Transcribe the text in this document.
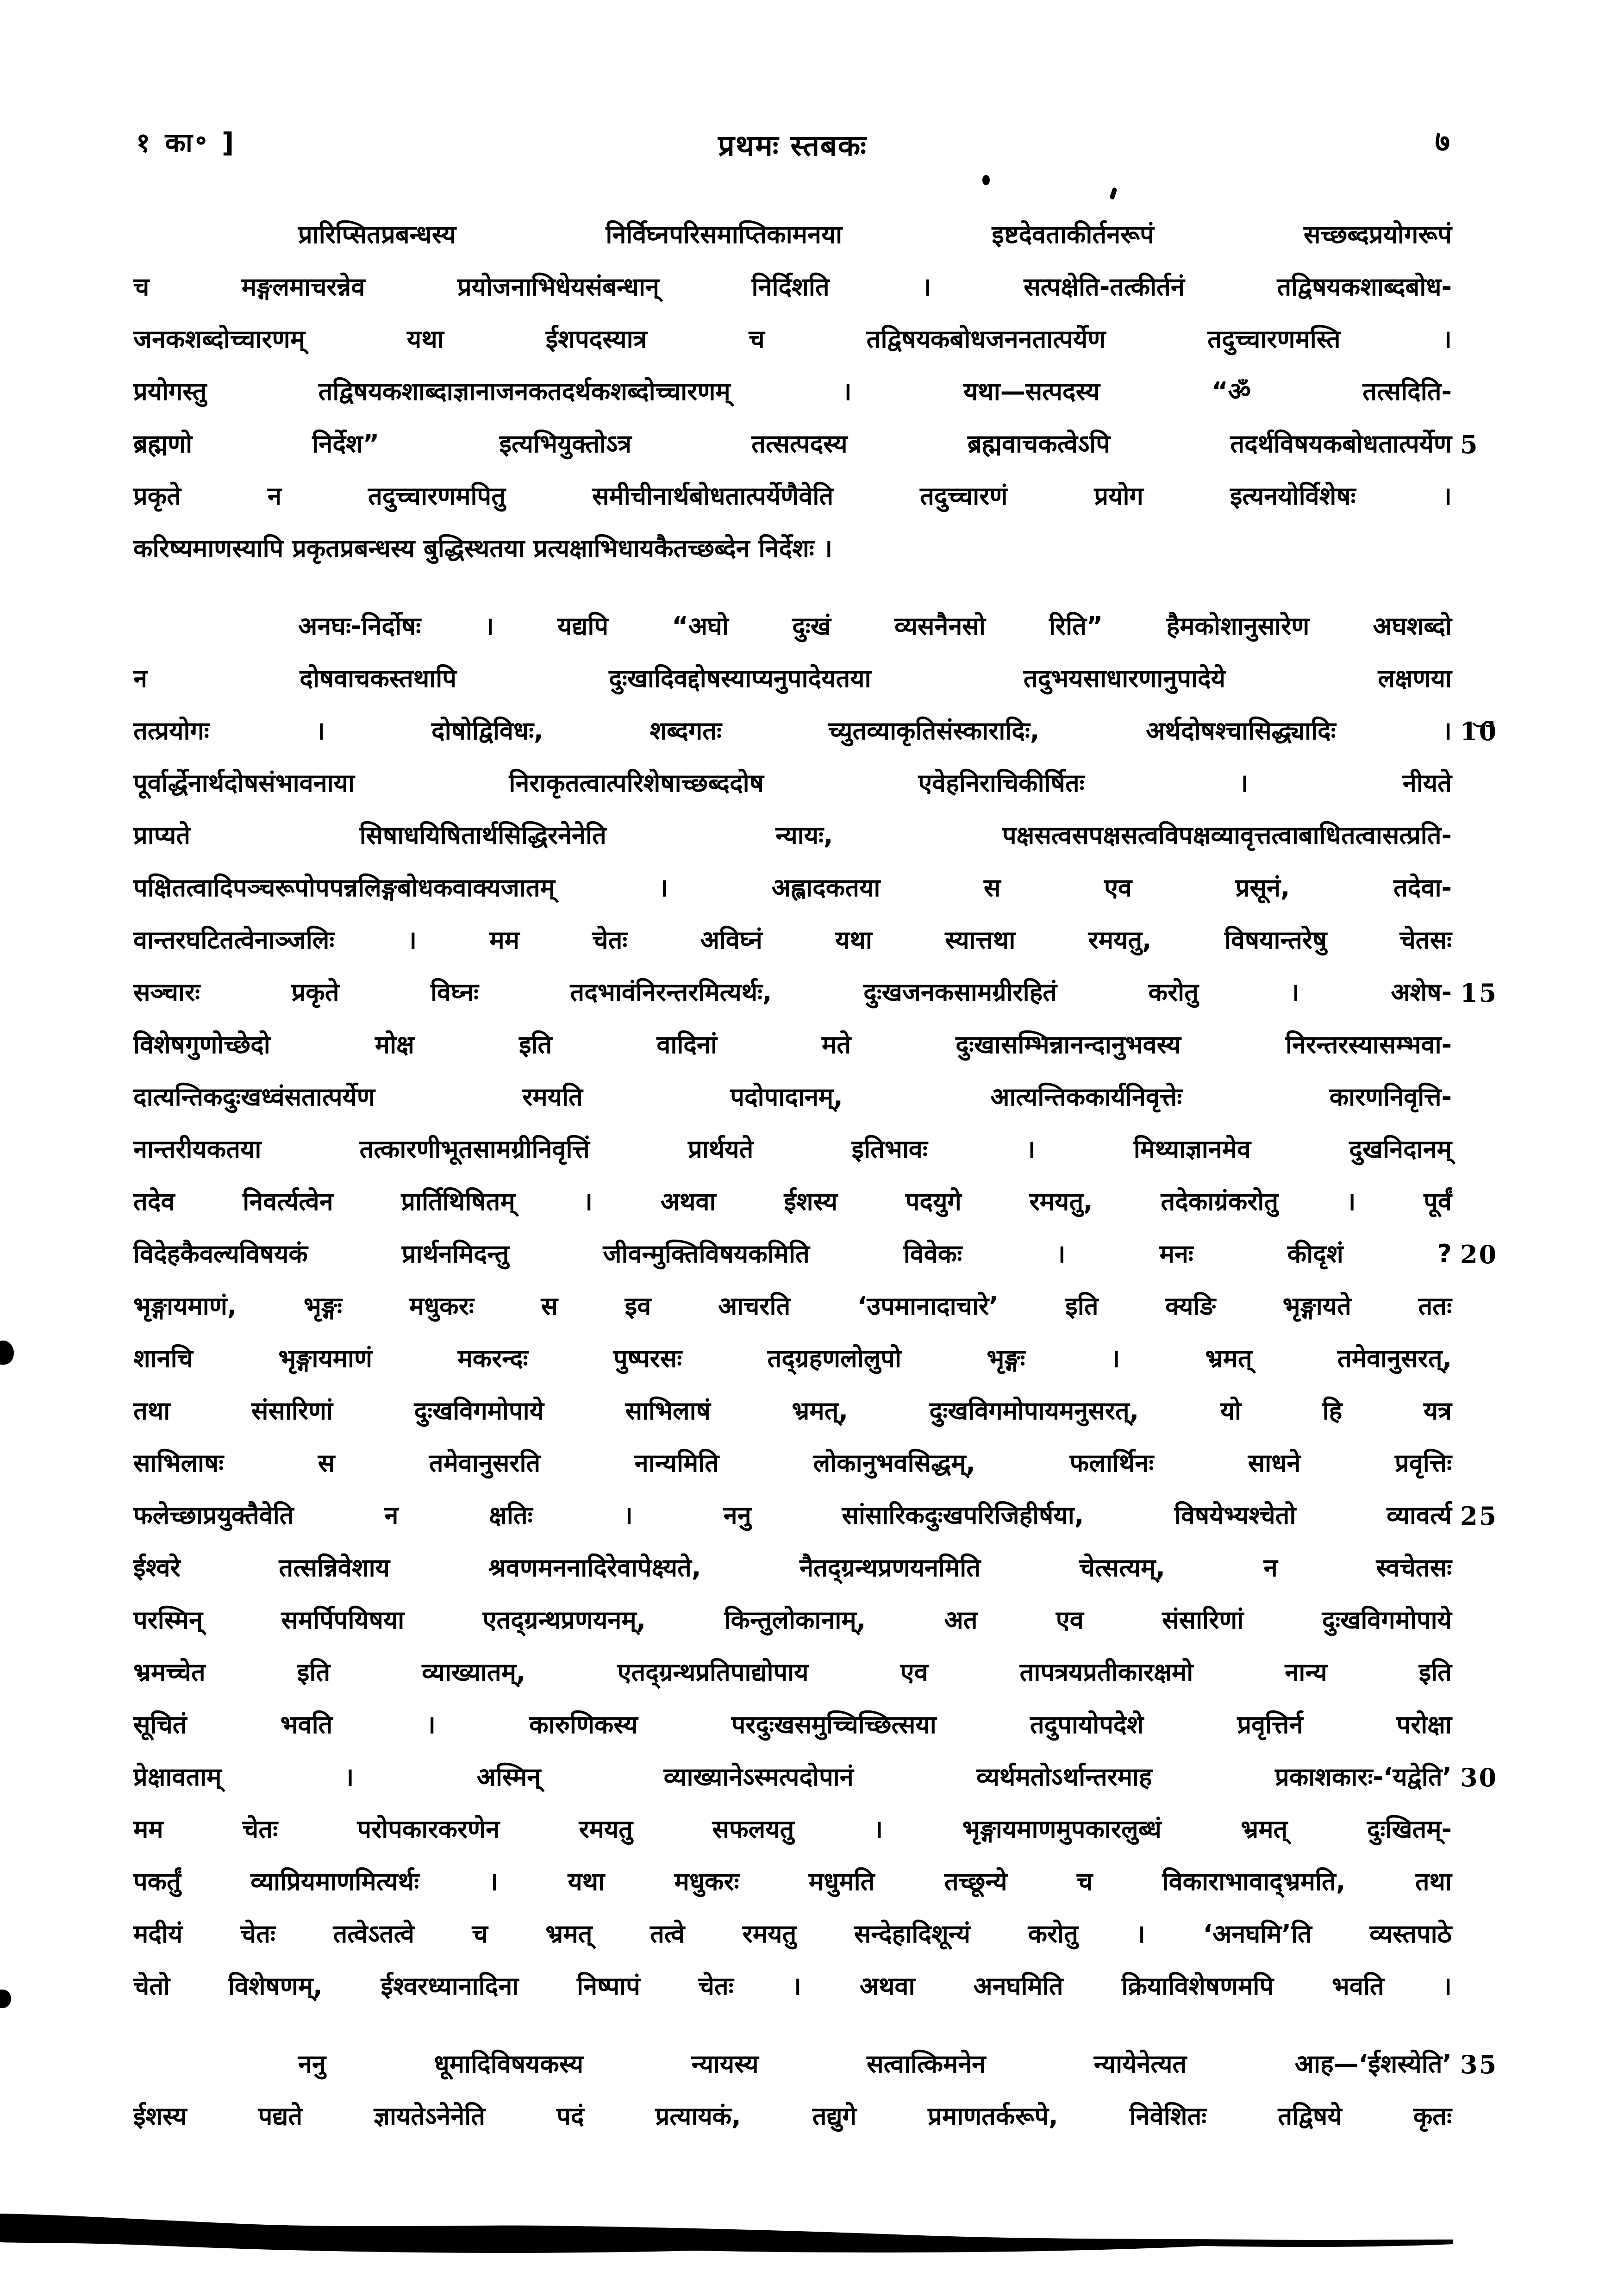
१ का॰ ]	प्रथमः स्तबकः	७
प्रारिप्सितप्रबन्धस्य निर्विघ्नपरिसमाप्तिकामनया इष्टदेवताकीर्तनरूपं सच्छब्दप्रयोगरूपं
च मङ्गलमाचरन्नेव प्रयोजनाभिधेयसंबन्धान् निर्दिशति । सत्पक्षेति-तत्कीर्तनं तद्विषयकशाब्दबोध-
जनकशब्दोच्चारणम् यथा ईशपदस्यात्र च तद्विषयकबोधजननतात्पर्येण तदुच्चारणमस्ति ।
प्रयोगस्तु तद्विषयकशाब्दाज्ञानाजनकतदर्थकशब्दोच्चारणम् । यथा—सत्पदस्य “ॐ तत्सदिति-
ब्रह्मणो निर्देश” इत्यभियुक्तोऽत्र तत्सत्पदस्य ब्रह्मवाचकत्वेऽपि तदर्थविषयकबोधतात्पर्येण 5
प्रकृते न तदुच्चारणमपितु समीचीनार्थबोधतात्पर्येणैवेति तदुच्चारणं प्रयोग इत्यनयोर्विशेषः ।
करिष्यमाणस्यापि प्रकृतप्रबन्धस्य बुद्धिस्थतया प्रत्यक्षाभिधायकैतच्छब्देन निर्देशः ।
अनघः-निर्दोषः । यद्यपि “अघो दुःखं व्यसनैनसो रिति” हैमकोशानुसारेण अघशब्दो
न दोषवाचकस्तथापि दुःखादिवद्दोषस्याप्यनुपादेयतया तदुभयसाधारणानुपादेये लक्षणया
तत्प्रयोगः । दोषोद्विविधः, शब्दगतः च्युतव्याकृतिसंस्कारादिः, अर्थदोषश्चासिद्ध्यादिः । 10
पूर्वार्द्धेनार्थदोषसंभावनाया निराकृतत्वात्परिशेषाच्छब्ददोष एवेहनिराचिकीर्षितः । नीयते
प्राप्यते सिषाधयिषितार्थसिद्धिरनेनेति न्यायः, पक्षसत्वसपक्षसत्वविपक्षव्यावृत्तत्वाबाधितत्वासत्प्रति-
पक्षितत्वादिपञ्चरूपोपपन्नलिङ्गबोधकवाक्यजातम् । अह्लादकतया स एव प्रसूनं, तदेवा-
वान्तरघटितत्वेनाञ्जलिः । मम चेतः अविघ्नं यथा स्यात्तथा रमयतु, विषयान्तरेषु चेतसः
सञ्चारः प्रकृते विघ्नः तदभावंनिरन्तरमित्यर्थः, दुःखजनकसामग्रीरहितं करोतु । अशेष- 15
विशेषगुणोच्छेदो मोक्ष इति वादिनां मते दुःखासम्भिन्नानन्दानुभवस्य निरन्तरस्यासम्भवा-
दात्यन्तिकदुःखध्वंसतात्पर्येण रमयति पदोपादानम्, आत्यन्तिककार्यनिवृत्तेः कारणनिवृत्ति-
नान्तरीयकतया तत्कारणीभूतसामग्रीनिवृत्तिं प्रार्थयते इतिभावः । मिथ्याज्ञानमेव दुखनिदानम्
तदेव निवर्त्यत्वेन प्रार्तिथिषितम् । अथवा ईशस्य पदयुगे रमयतु, तदेकाग्रंकरोतु । पूर्वं
विदेहकैवल्यविषयकं प्रार्थनमिदन्तु जीवन्मुक्तिविषयकमिति विवेकः । मनः कीदृशं ? 20
भृङ्गायमाणं, भृङ्गः मधुकरः स इव आचरति ‘उपमानादाचारे’ इति क्यङि भृङ्गायते ततः
शानचि भृङ्गायमाणं मकरन्दः पुष्परसः तद्ग्रहणलोलुपो भृङ्गः । भ्रमत् तमेवानुसरत्,
तथा संसारिणां दुःखविगमोपाये साभिलाषं भ्रमत्, दुःखविगमोपायमनुसरत्, यो हि यत्र
साभिलाषः स तमेवानुसरति नान्यमिति लोकानुभवसिद्धम्, फलार्थिनः साधने प्रवृत्तिः
फलेच्छाप्रयुक्तैवेति न क्षतिः । ननु सांसारिकदुःखपरिजिहीर्षया, विषयेभ्यश्चेतो व्यावर्त्य 25
ईश्वरे तत्सन्निवेशाय श्रवणमननादिरेवापेक्ष्यते, नैतद्ग्रन्थप्रणयनमिति चेत्सत्यम्, न स्वचेतसः
परस्मिन् समर्पिपयिषया एतद्ग्रन्थप्रणयनम्, किन्तुलोकानाम्, अत एव संसारिणां दुःखविगमोपाये
भ्रमच्चेत इति व्याख्यातम्, एतद्ग्रन्थप्रतिपाद्योपाय एव तापत्रयप्रतीकारक्षमो नान्य इति
सूचितं भवति । कारुणिकस्य परदुःखसमुच्चिच्छित्सया तदुपायोपदेशे प्रवृत्तिर्न परोक्षा
प्रेक्षावताम् । अस्मिन् व्याख्यानेऽस्मत्पदोपानं व्यर्थमतोऽर्थान्तरमाह प्रकाशकारः-‘यद्वेति’ 30
मम चेतः परोपकारकरणेन रमयतु सफलयतु । भृङ्गायमाणमुपकारलुब्धं भ्रमत् दुःखितम्-
पकर्तुं व्याप्रियमाणमित्यर्थः । यथा मधुकरः मधुमति तच्छून्ये च विकाराभावाद्भ्रमति, तथा
मदीयं चेतः तत्वेऽतत्वे च भ्रमत् तत्वे रमयतु सन्देहादिशून्यं करोतु । ‘अनघमि’ति व्यस्तपाठे
चेतो विशेषणम्, ईश्वरध्यानादिना निष्पापं चेतः । अथवा अनघमिति क्रियाविशेषणमपि भवति ।
ननु धूमादिविषयकस्य न्यायस्य सत्वात्किमनेन न्यायेनेत्यत आह—‘ईशस्येति’ 35
ईशस्य पद्यते ज्ञायतेऽनेनेति पदं प्रत्यायकं, तद्युगे प्रमाणतर्करूपे, निवेशितः तद्विषये कृतः
